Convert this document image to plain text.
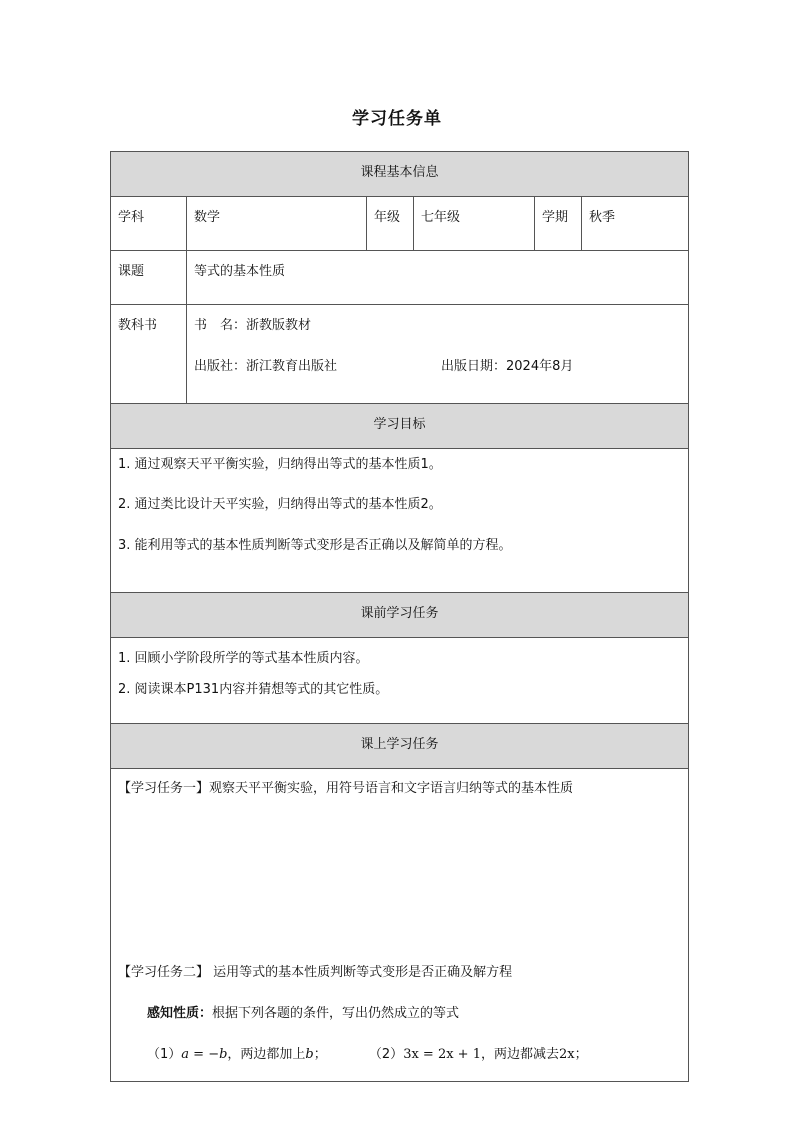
学习任务单
课程基本信息					
学科	数学	年级	七年级	学期	秋季
课题	等式的基本性质				
教科书	书　名：浙教版教材
出版社：浙江教育出版社 出版日期：2024年8月				

学习目标					

1. 通过观察天平平衡实验，归纳得出等式的基本性质1。
2. 通过类比设计天平实验，归纳得出等式的基本性质2。
3. 能利用等式的基本性质判断等式变形是否正确以及解简单的方程。					

课前学习任务					

1. 回顾小学阶段所学的等式基本性质内容。
2. 阅读课本P131内容并猜想等式的其它性质。					

课上学习任务					

【学习任务一】观察天平平衡实验，用符号语言和文字语言归纳等式的基本性质
【学习任务二】 运用等式的基本性质判断等式变形是否正确及解方程
感知性质：根据下列各题的条件，写出仍然成立的等式
（1）a = −b，两边都加上b； （2）3x = 2x + 1，两边都减去2x；					
